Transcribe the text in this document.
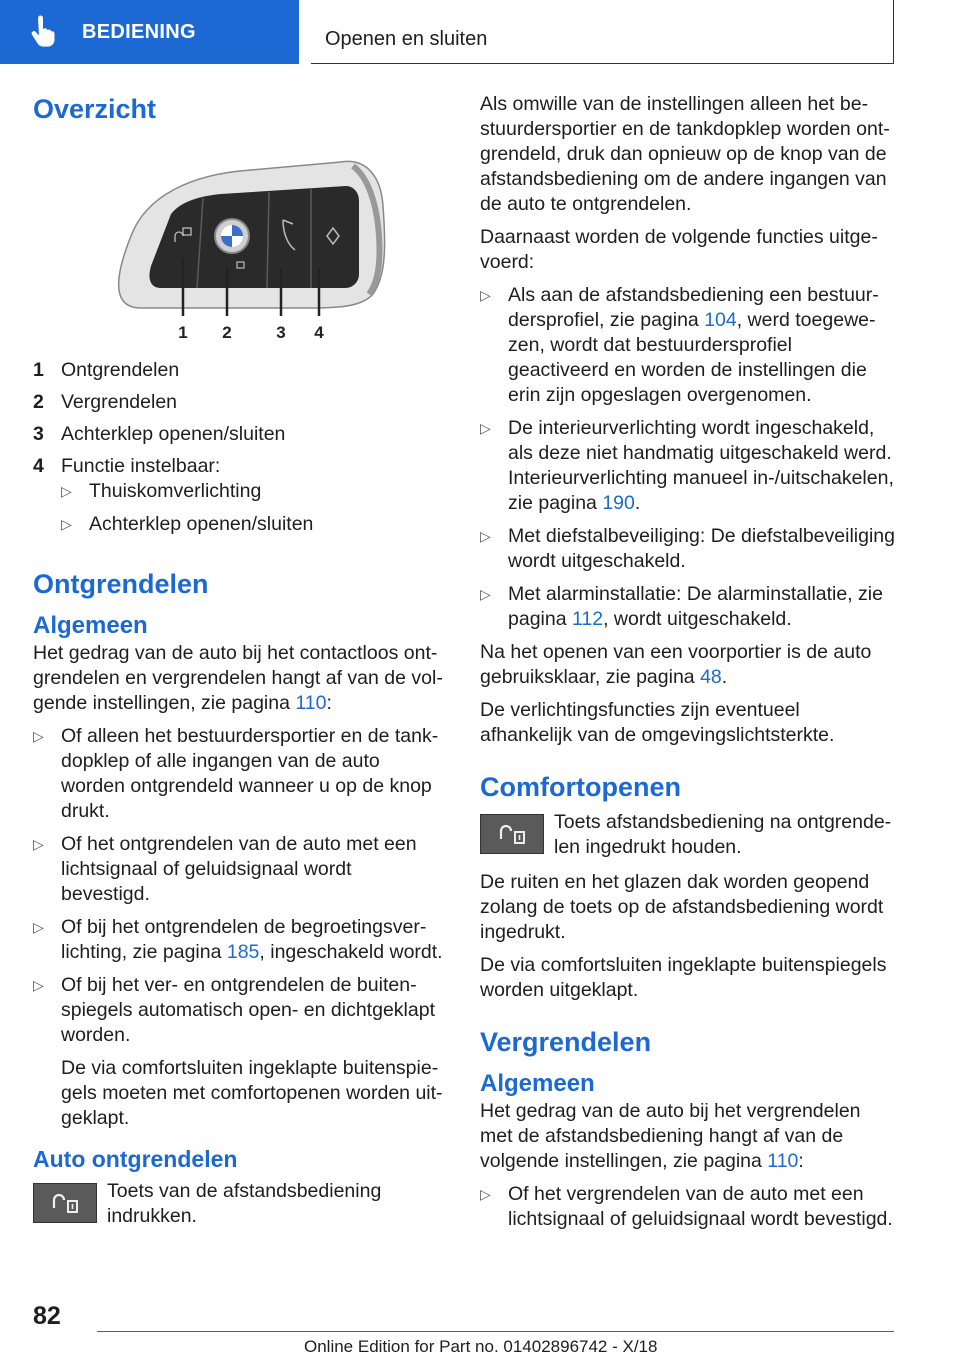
BEDIENING	Openen en sluiten
Overzicht
1 2	3 4
1 Ontgrendelen
2 Vergrendelen
3 Achterklep openen/sluiten
4 Functie instelbaar:
▷ Thuiskomverlichting
▷ Achterklep openen/sluiten
Ontgrendelen
Algemeen

Het gedrag van de auto bij het contactloos ontgrendelen en vergrendelen hangt af van de volgende instellingen, zie pagina 110:

▷ Of alleen het bestuurdersportier en de tankdopklep of alle ingangen van de auto worden ontgrendeld wanneer u op de knop drukt.
▷ Of het ontgrendelen van de auto met een lichtsignaal of geluidsignaal wordt bevestigd.
▷ Of bij het ontgrendelen de begroetingsverlichting, zie pagina 185, ingeschakeld wordt.
▷ Of bij het ver- en ontgrendelen de buitenspiegels automatisch open- en dichtgeklapt worden.

De via comfortsluiten ingeklapte buitenspiegels moeten met comfortopenen worden uitgeklapt.

Auto ontgrendelen
Toets van de afstandsbediening indrukken.

Als omwille van de instellingen alleen het bestuurdersportier en de tankdopklep worden ontgrendeld, druk dan opnieuw op de knop van de afstandsbediening om de andere ingangen van de auto te ontgrendelen.

Daarnaast worden de volgende functies uitgevoerd:

▷ Als aan de afstandsbediening een bestuurdersprofiel, zie pagina 104, werd toegewezen, wordt dat bestuurdersprofiel geactiveerd en worden de instellingen die erin zijn opgeslagen overgenomen.
▷ De interieurverlichting wordt ingeschakeld, als deze niet handmatig uitgeschakeld werd. Interieurverlichting manueel in-/uitschakelen, zie pagina 190.
▷ Met diefstalbeveiliging: De diefstalbeveiliging wordt uitgeschakeld.
▷ Met alarminstallatie: De alarminstallatie, zie pagina 112, wordt uitgeschakeld.

Na het openen van een voorportier is de auto gebruiksklaar, zie pagina 48.

De verlichtingsfuncties zijn eventueel afhankelijk van de omgevingslichtsterkte.

Comfortopenen
Toets afstandsbediening na ontgrendelen ingedrukt houden.

De ruiten en het glazen dak worden geopend zolang de toets op de afstandsbediening wordt ingedrukt.

De via comfortsluiten ingeklapte buitenspiegels worden uitgeklapt.

Vergrendelen
Algemeen

Het gedrag van de auto bij het vergrendelen met de afstandsbediening hangt af van de volgende instellingen, zie pagina 110:

▷ Of het vergrendelen van de auto met een lichtsignaal of geluidsignaal wordt bevestigd.
82
Online Edition for Part no. 01402896742 - X/18
